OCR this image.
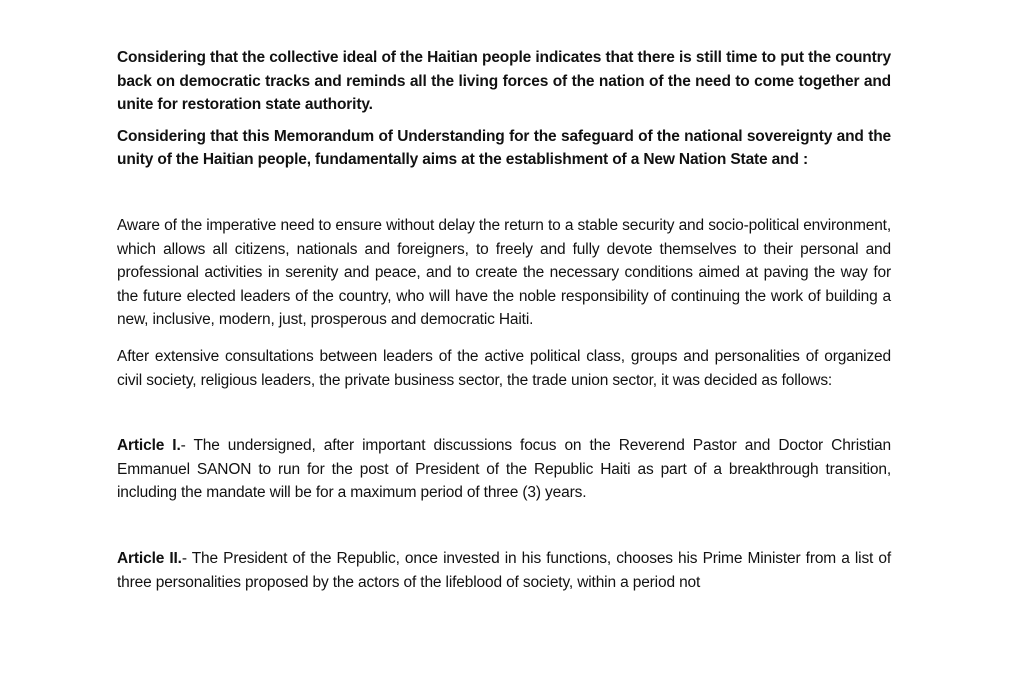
Considering that the collective ideal of the Haitian people indicates that there is still time to put the country back on democratic tracks and reminds all the living forces of the nation of the need to come together and unite for restoration state authority.

Considering that this Memorandum of Understanding for the safeguard of the national sovereignty and the unity of the Haitian people, fundamentally aims at the establishment of a New Nation State and :

Aware of the imperative need to ensure without delay the return to a stable security and socio-political environment, which allows all citizens, nationals and foreigners, to freely and fully devote themselves to their personal and professional activities in serenity and peace, and to create the necessary conditions aimed at paving the way for the future elected leaders of the country, who will have the noble responsibility of continuing the work of building a new, inclusive, modern, just, prosperous and democratic Haiti.

After extensive consultations between leaders of the active political class, groups and personalities of organized civil society, religious leaders, the private business sector, the trade union sector, it was decided as follows:

Article I.- The undersigned, after important discussions focus on the Reverend Pastor and Doctor Christian Emmanuel SANON to run for the post of President of the Republic Haiti as part of a breakthrough transition, including the mandate will be for a maximum period of three (3) years.

Article II.- The President of the Republic, once invested in his functions, chooses his Prime Minister from a list of three personalities proposed by the actors of the lifeblood of society, within a period not
